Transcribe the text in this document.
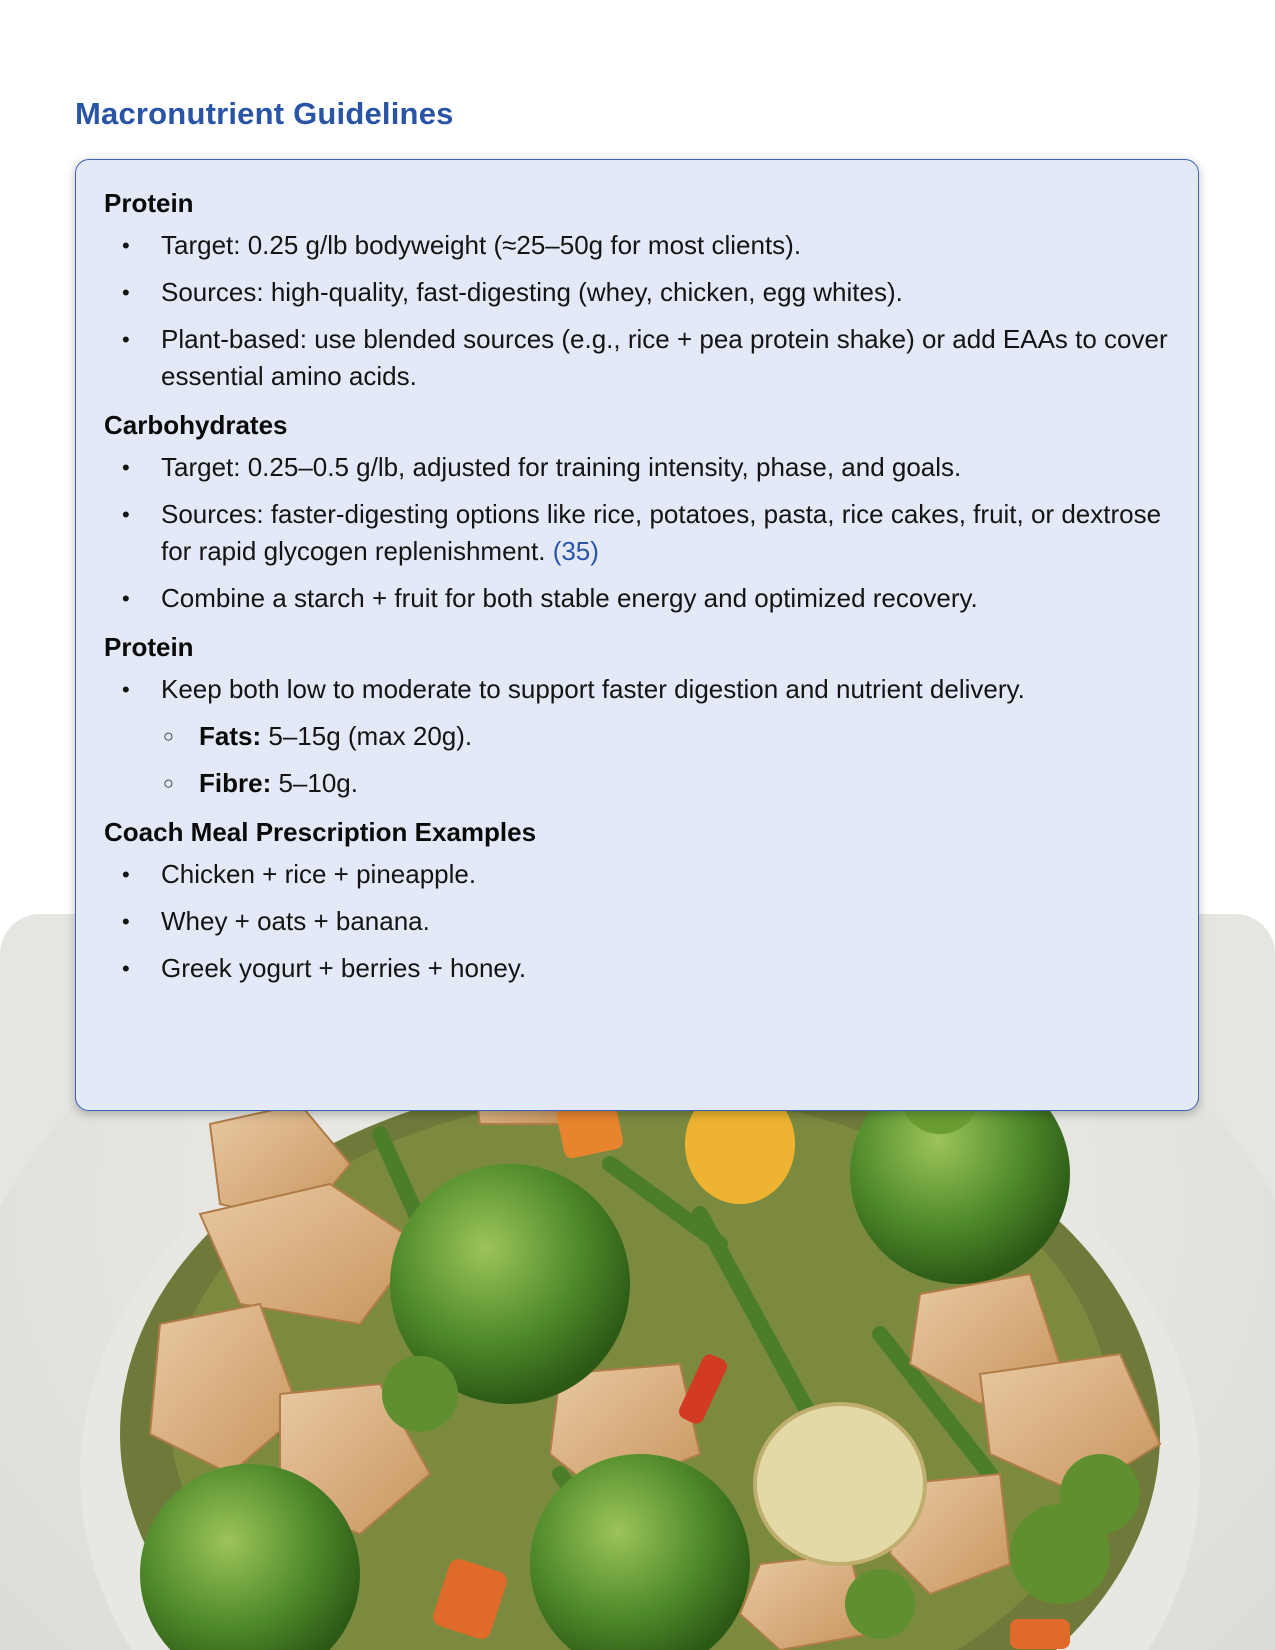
Macronutrient Guidelines
Protein
• Target: 0.25 g/lb bodyweight (≈25–50g for most clients).
• Sources: high-quality, fast-digesting (whey, chicken, egg whites).
• Plant-based: use blended sources (e.g., rice + pea protein shake) or add EAAs to cover essential amino acids.
Carbohydrates
• Target: 0.25–0.5 g/lb, adjusted for training intensity, phase, and goals.
• Sources: faster-digesting options like rice, potatoes, pasta, rice cakes, fruit, or dextrose for rapid glycogen replenishment. (35)
• Combine a starch + fruit for both stable energy and optimized recovery.
Protein
• Keep both low to moderate to support faster digestion and nutrient delivery.
○ Fats: 5–15g (max 20g).
○ Fibre: 5–10g.
Coach Meal Prescription Examples
• Chicken + rice + pineapple.
• Whey + oats + banana.
• Greek yogurt + berries + honey.
